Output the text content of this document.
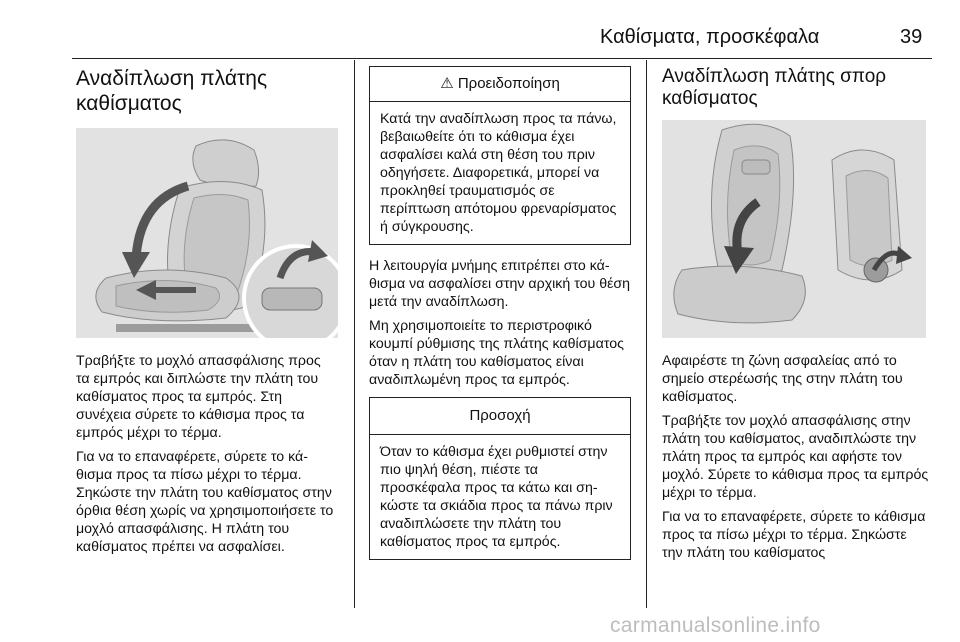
Καθίσματα, προσκέφαλα	39
Αναδίπλωση πλάτης καθίσματος

Τραβήξτε το μοχλό απασφάλισης προς τα εμπρός και διπλώστε την πλάτη του καθίσματος προς τα εμπρός. Στη συνέχεια σύρετε το κάθισμα προς τα εμπρός μέχρι το τέρμα.

Για να το επαναφέρετε, σύρετε το κάθισμα προς τα πίσω μέχρι το τέρμα. Σηκώστε την πλάτη του καθίσματος στην όρθια θέση χωρίς να χρησιμοποιήσετε το μοχλό απασφάλισης. Η πλάτη του καθίσματος πρέπει να ασφαλίσει.

⚠ Προειδοποίηση

Κατά την αναδίπλωση προς τα πάνω, βεβαιωθείτε ότι το κάθισμα έχει ασφαλίσει καλά στη θέση του πριν οδηγήσετε. Διαφορετικά, μπορεί να προκληθεί τραυματισμός σε περίπτωση απότομου φρεναρίσματος ή σύγκρουσης.

Η λειτουργία μνήμης επιτρέπει στο κάθισμα να ασφαλίσει στην αρχική του θέση μετά την αναδίπλωση.

Μη χρησιμοποιείτε το περιστροφικό κουμπί ρύθμισης της πλάτης καθίσματος όταν η πλάτη του καθίσματος είναι αναδιπλωμένη προς τα εμπρός.

Προσοχή

Όταν το κάθισμα έχει ρυθμιστεί στην πιο ψηλή θέση, πιέστε τα προσκέφαλα προς τα κάτω και σηκώστε τα σκιάδια προς τα πάνω πριν αναδιπλώσετε την πλάτη του καθίσματος προς τα εμπρός.

Αναδίπλωση πλάτης σπορ καθίσματος

Αφαιρέστε τη ζώνη ασφαλείας από το σημείο στερέωσής της στην πλάτη του καθίσματος.

Τραβήξτε τον μοχλό απασφάλισης στην πλάτη του καθίσματος, αναδιπλώστε την πλάτη προς τα εμπρός και αφήστε τον μοχλό. Σύρετε το κάθισμα προς τα εμπρός μέχρι το τέρμα.

Για να το επαναφέρετε, σύρετε το κάθισμα προς τα πίσω μέχρι το τέρμα. Σηκώστε την πλάτη του καθίσματος

carmanualsonline.info
